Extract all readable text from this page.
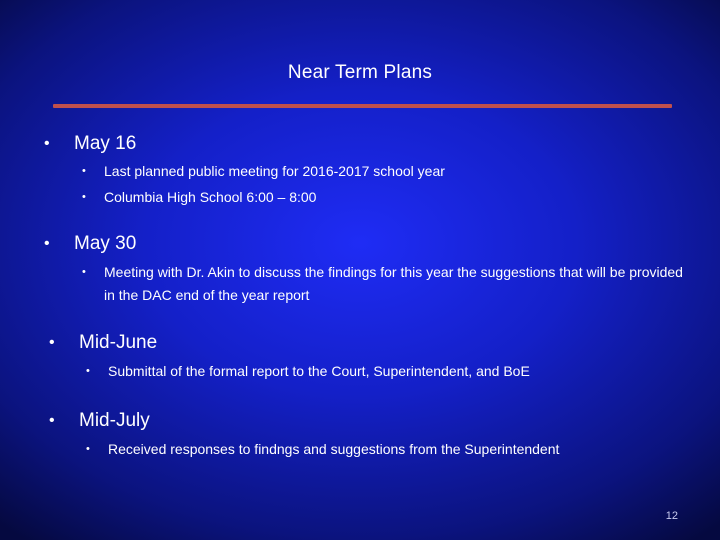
Near Term Plans
• May 16
• Last planned public meeting for 2016-2017 school year
• Columbia High School 6:00 – 8:00
• May 30
• Meeting with Dr. Akin to discuss the findings for this year the suggestions that will be provided in the DAC end of the year report
• Mid-June
• Submittal of the formal report to the Court, Superintendent, and BoE
• Mid-July
• Received responses to findngs and suggestions from the Superintendent
12
